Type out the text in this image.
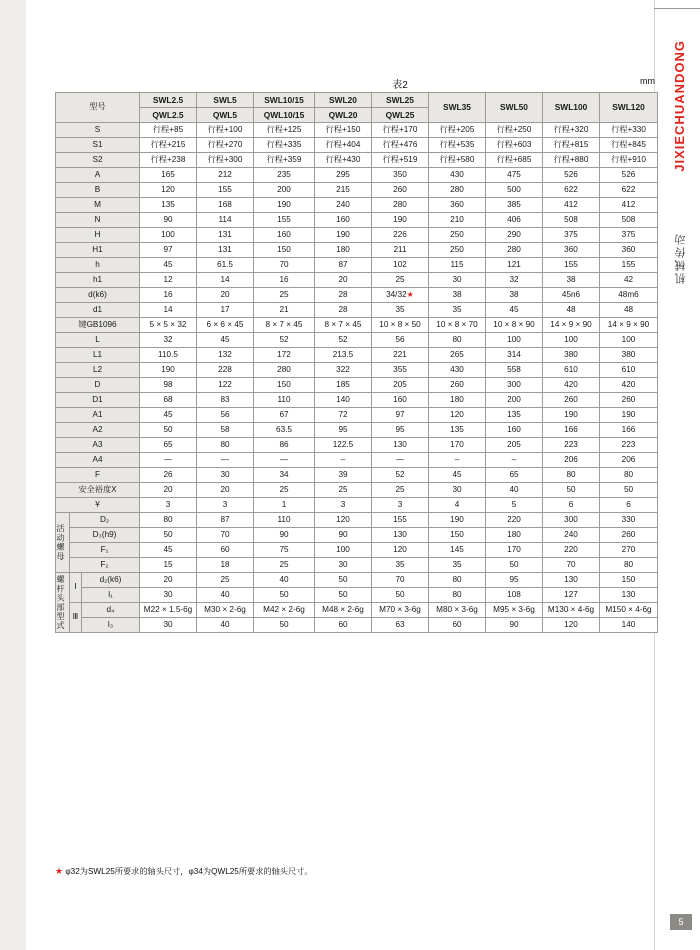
JIXIECHUANDONG
机械传动
5
表2	mm
型号			SWL2.5	SWL5	SWL10/15	SWL20	SWL25	SWL35	SWL50	SWL100	SWL120
			QWL2.5	QWL5	QWL10/15	QWL20	QWL25				
S			行程+85	行程+100	行程+125	行程+150	行程+170	行程+205	行程+250	行程+320	行程+330
S1			行程+215	行程+270	行程+335	行程+404	行程+476	行程+535	行程+603	行程+815	行程+845
S2			行程+238	行程+300	行程+359	行程+430	行程+519	行程+580	行程+685	行程+880	行程+910
A			165	212	235	295	350	430	475	526	526
B			120	155	200	215	260	280	500	622	622
M			135	168	190	240	280	360	385	412	412
N			90	114	155	160	190	210	406	508	508
H			100	131	160	190	226	250	290	375	375
H1			97	131	150	180	211	250	280	360	360
h			45	61.5	70	87	102	115	121	155	155
h1			12	14	16	20	25	30	32	38	42
d(k6)			16	20	25	28	34/32★	38	38	45n6	48m6
d1			14	17	21	28	35	35	45	48	48
键GB1096			5 × 5 × 32	6 × 6 × 45	8 × 7 × 45	8 × 7 × 45	10 × 8 × 50	10 × 8 × 70	10 × 8 × 90	14 × 9 × 90	14 × 9 × 90
L			32	45	52	52	56	80	100	100	100
L1			110.5	132	172	213.5	221	265	314	380	380
L2			190	228	280	322	355	430	558	610	610
D			98	122	150	185	205	260	300	420	420
D1			68	83	110	140	160	180	200	260	260
A1			45	56	67	72	97	120	135	190	190
A2			50	58	63.5	95	95	135	160	166	166
A3			65	80	86	122.5	130	170	205	223	223
A4			—	—	—	–	—	–	–	206	206
F			26	30	34	39	52	45	65	80	80
安全裕度X			20	20	25	25	25	30	40	50	50
Ұ			3	3	1	3	3	4	5	6	6

活动螺母	D₂		80	87	110	120	155	190	220	300	330
	D₃(h9)		50	70	90	90	130	150	180	240	260
	F₁		45	60	75	100	120	145	170	220	270
	F₂		15	18	25	30	35	35	50	70	80

螺杆头部型式	Ⅰ	d₂(k6)	20	25	40	50	70	80	95	130	150
		l₁	30	40	50	50	50	80	108	127	130
	Ⅲ	d₄	M22 × 1.5-6g	M30 × 2-6g	M42 × 2-6g	M48 × 2-6g	M70 × 3-6g	M80 × 3-6g	M95 × 3-6g	M130 × 4-6g	M150 × 4-6g
		l₃	30	40	50	60	63	60	90	120	140
★ φ32为SWL25所要求的轴头尺寸，φ34为QWL25所要求的轴头尺寸。
